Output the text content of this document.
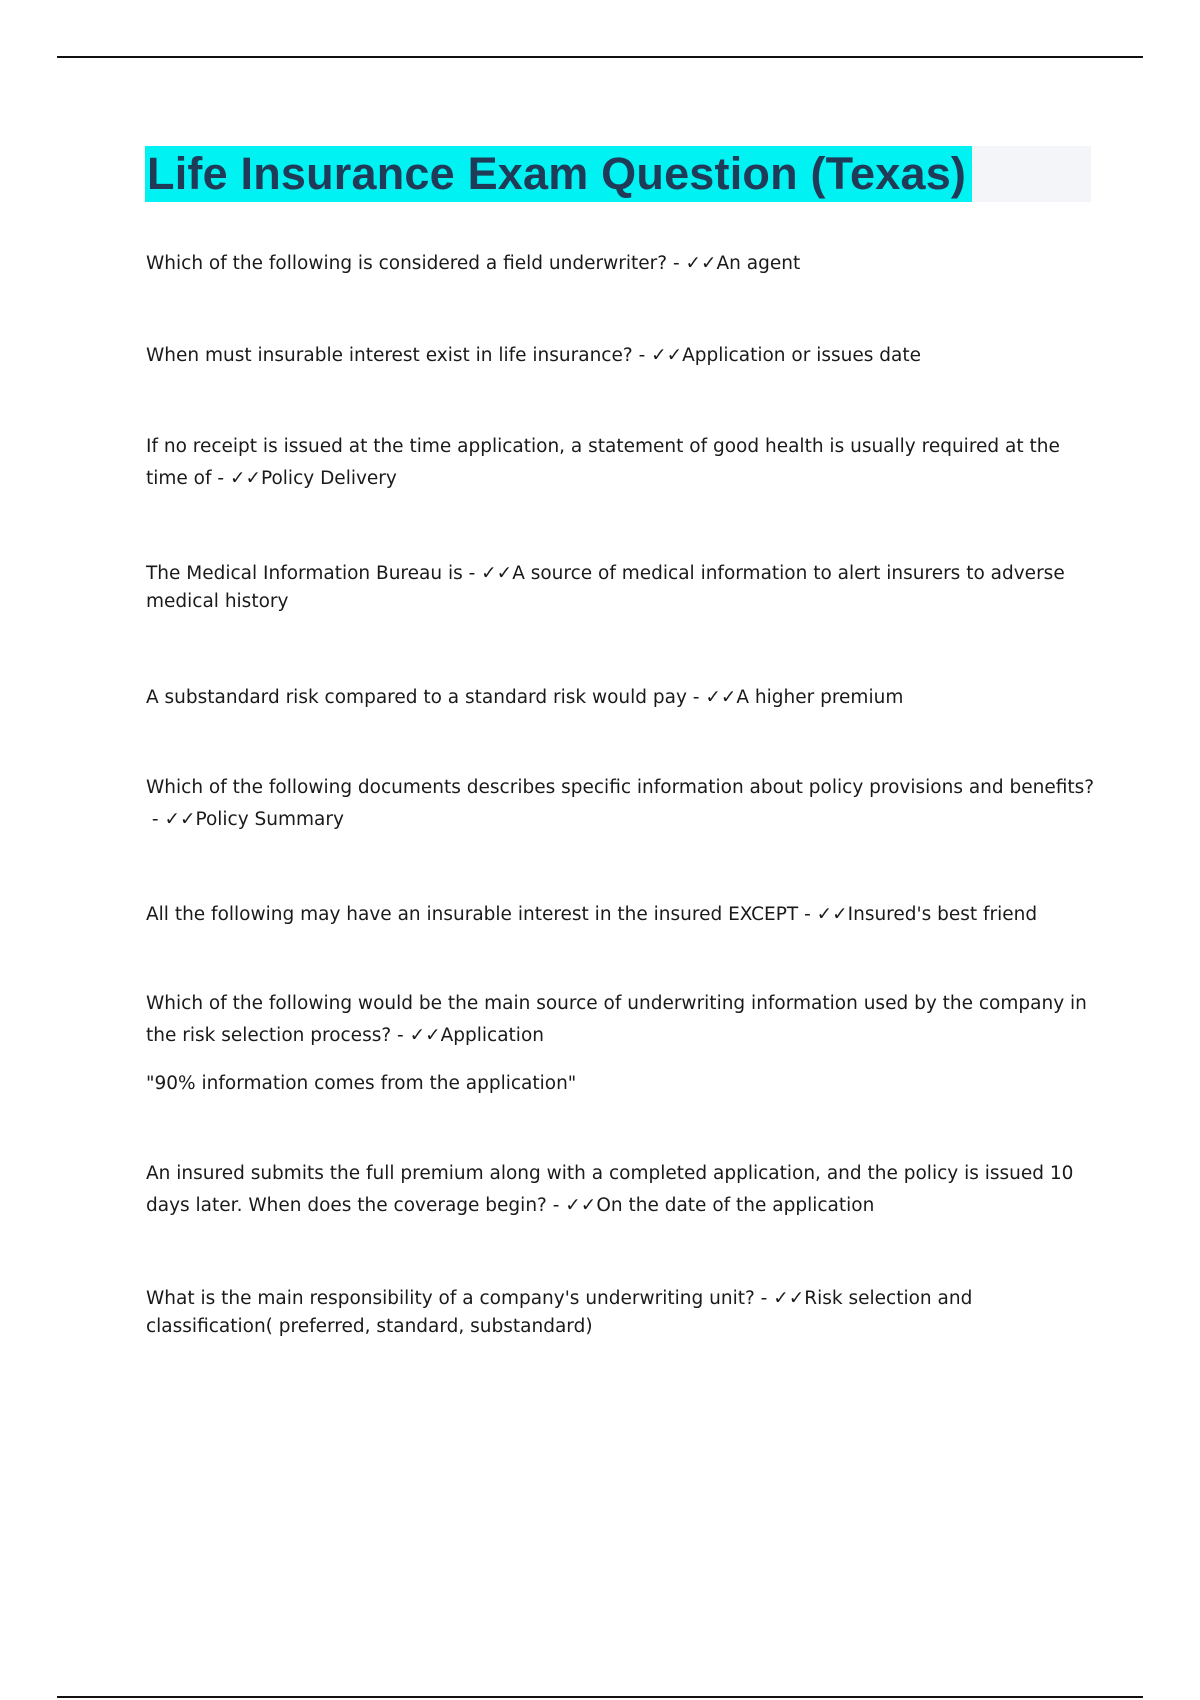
Life Insurance Exam Question (Texas)

Which of the following is considered a field underwriter? - ✓✓An agent

When must insurable interest exist in life insurance? - ✓✓Application or issues date

If no receipt is issued at the time application, a statement of good health is usually required at the time of - ✓✓Policy Delivery

The Medical Information Bureau is - ✓✓A source of medical information to alert insurers to adverse medical history

A substandard risk compared to a standard risk would pay - ✓✓A higher premium

Which of the following documents describes specific information about policy provisions and benefits? - ✓✓Policy Summary

All the following may have an insurable interest in the insured EXCEPT - ✓✓Insured's best friend

Which of the following would be the main source of underwriting information used by the company in the risk selection process? - ✓✓Application

"90% information comes from the application"

An insured submits the full premium along with a completed application, and the policy is issued 10 days later. When does the coverage begin? - ✓✓On the date of the application

What is the main responsibility of a company's underwriting unit? - ✓✓Risk selection and classification( preferred, standard, substandard)
